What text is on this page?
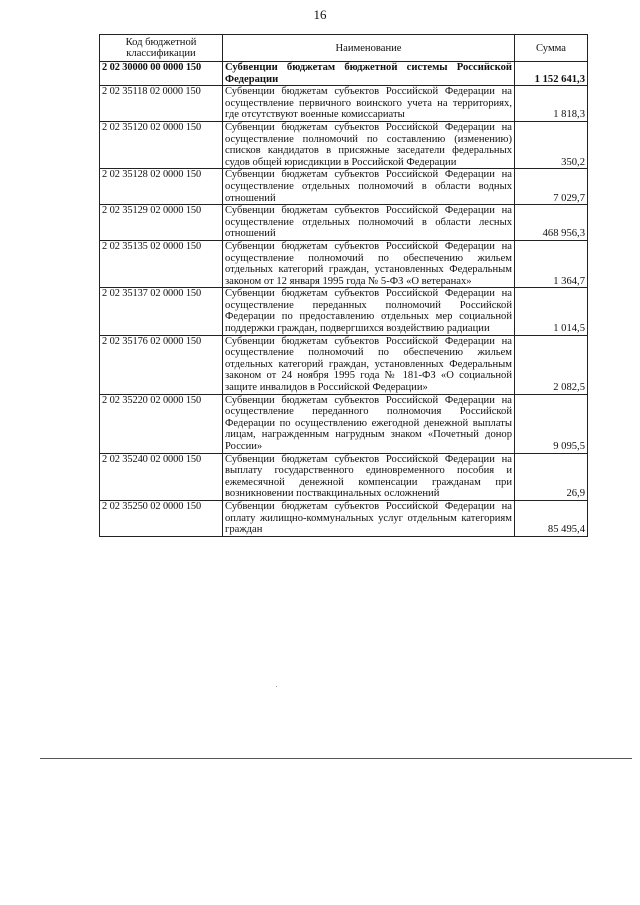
16
Код бюджетной классификации	Наименование	Сумма
2 02 30000 00 0000 150	Субвенции бюджетам бюджетной системы Российской Федерации	1 152 641,3
2 02 35118 02 0000 150	Субвенции бюджетам субъектов Российской Федерации на осуществление первичного воинского учета на территориях, где отсутствуют военные комиссариаты	1 818,3
2 02 35120 02 0000 150	Субвенции бюджетам субъектов Российской Федерации на осуществление полномочий по составлению (изменению) списков кандидатов в присяжные заседатели федеральных судов общей юрисдикции в Российской Федерации	350,2
2 02 35128 02 0000 150	Субвенции бюджетам субъектов Российской Федерации на осуществление отдельных полномочий в области водных отношений	7 029,7
2 02 35129 02 0000 150	Субвенции бюджетам субъектов Российской Федерации на осуществление отдельных полномочий в области лесных отношений	468 956,3
2 02 35135 02 0000 150	Субвенции бюджетам субъектов Российской Федерации на осуществление полномочий по обеспечению жильем отдельных категорий граждан, установленных Федеральным законом от 12 января 1995 года № 5-ФЗ «О ветеранах»	1 364,7
2 02 35137 02 0000 150	Субвенции бюджетам субъектов Российской Федерации на осуществление переданных полномочий Российской Федерации по предоставлению отдельных мер социальной поддержки граждан, подвергшихся воздействию радиации	1 014,5
2 02 35176 02 0000 150	Субвенции бюджетам субъектов Российской Федерации на осуществление полномочий по обеспечению жильем отдельных категорий граждан, установленных Федеральным законом от 24 ноября 1995 года № 181-ФЗ «О социальной защите инвалидов в Российской Федерации»	2 082,5
2 02 35220 02 0000 150	Субвенции бюджетам субъектов Российской Федерации на осуществление переданного полномочия Российской Федерации по осуществлению ежегодной денежной выплаты лицам, награжденным нагрудным знаком «Почетный донор России»	9 095,5
2 02 35240 02 0000 150	Субвенции бюджетам субъектов Российской Федерации на выплату государственного единовременного пособия и ежемесячной денежной компенсации гражданам при возникновении поствакцинальных осложнений	26,9
2 02 35250 02 0000 150	Субвенции бюджетам субъектов Российской Федерации на оплату жилищно-коммунальных услуг отдельным категориям граждан	85 495,4
